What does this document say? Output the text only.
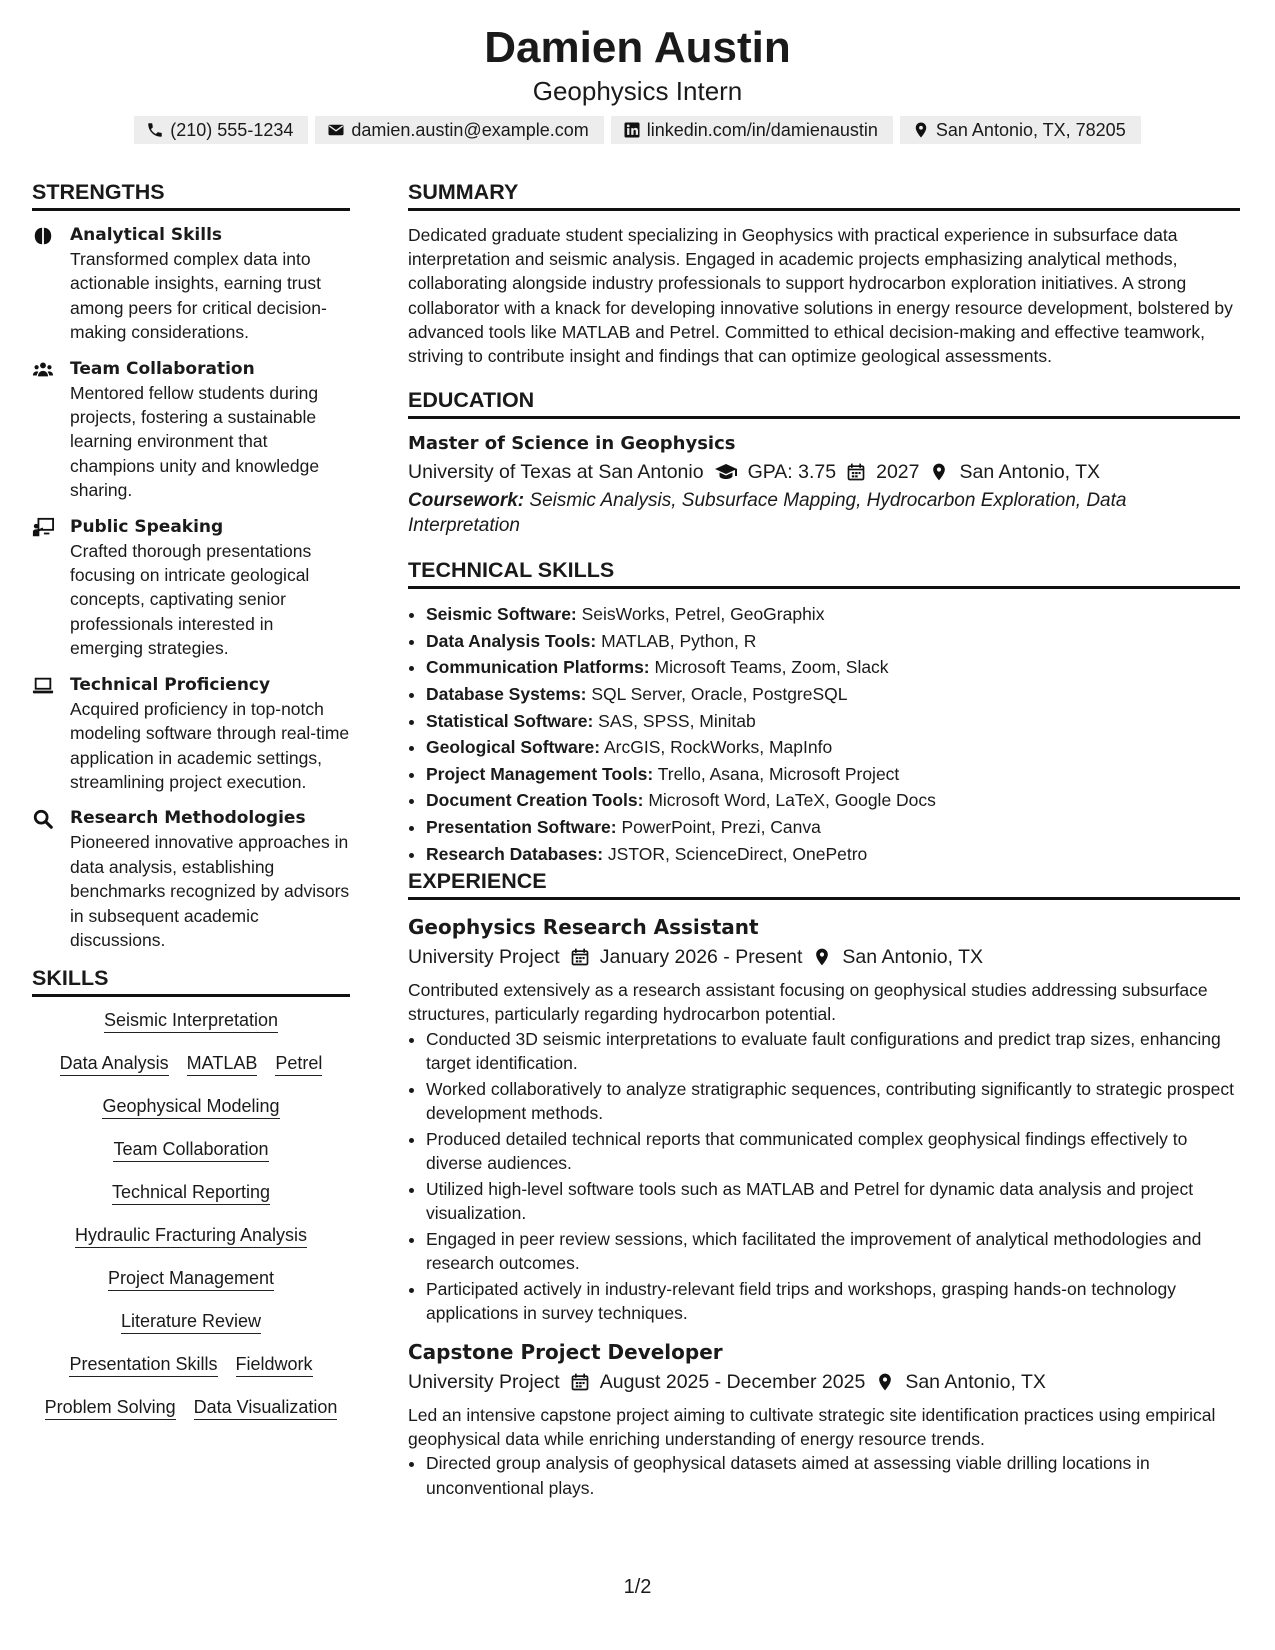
Damien Austin
Geophysics Intern
(210) 555-1234	damien.austin@example.com	linkedin.com/in/damienaustin	San Antonio, TX, 78205
STRENGTHS
Analytical Skills
Transformed complex data into actionable insights, earning trust among peers for critical decision-making considerations.
Team Collaboration
Mentored fellow students during projects, fostering a sustainable learning environment that champions unity and knowledge sharing.
Public Speaking
Crafted thorough presentations focusing on intricate geological concepts, captivating senior professionals interested in emerging strategies.
Technical Proficiency
Acquired proficiency in top-notch modeling software through real-time application in academic settings, streamlining project execution.
Research Methodologies
Pioneered innovative approaches in data analysis, establishing benchmarks recognized by advisors in subsequent academic discussions.
SKILLS
Seismic Interpretation
Data Analysis MATLAB Petrel
Geophysical Modeling
Team Collaboration
Technical Reporting
Hydraulic Fracturing Analysis
Project Management
Literature Review
Presentation Skills Fieldwork
Problem Solving Data Visualization
SUMMARY

Dedicated graduate student specializing in Geophysics with practical experience in subsurface data interpretation and seismic analysis. Engaged in academic projects emphasizing analytical methods, collaborating alongside industry professionals to support hydrocarbon exploration initiatives. A strong collaborator with a knack for developing innovative solutions in energy resource development, bolstered by advanced tools like MATLAB and Petrel. Committed to ethical decision-making and effective teamwork, striving to contribute insight and findings that can optimize geological assessments.

EDUCATION
Master of Science in Geophysics
University of Texas at San Antonio GPA: 3.75 2027 San Antonio, TX
Coursework: Seismic Analysis, Subsurface Mapping, Hydrocarbon Exploration, Data Interpretation
TECHNICAL SKILLS
• Seismic Software: SeisWorks, Petrel, GeoGraphix
• Data Analysis Tools: MATLAB, Python, R
• Communication Platforms: Microsoft Teams, Zoom, Slack
• Database Systems: SQL Server, Oracle, PostgreSQL
• Statistical Software: SAS, SPSS, Minitab
• Geological Software: ArcGIS, RockWorks, MapInfo
• Project Management Tools: Trello, Asana, Microsoft Project
• Document Creation Tools: Microsoft Word, LaTeX, Google Docs
• Presentation Software: PowerPoint, Prezi, Canva
• Research Databases: JSTOR, ScienceDirect, OnePetro
EXPERIENCE
Geophysics Research Assistant
University Project January 2026 - Present San Antonio, TX

Contributed extensively as a research assistant focusing on geophysical studies addressing subsurface structures, particularly regarding hydrocarbon potential.

• Conducted 3D seismic interpretations to evaluate fault configurations and predict trap sizes, enhancing target identification.
• Worked collaboratively to analyze stratigraphic sequences, contributing significantly to strategic prospect development methods.
• Produced detailed technical reports that communicated complex geophysical findings effectively to diverse audiences.
• Utilized high-level software tools such as MATLAB and Petrel for dynamic data analysis and project visualization.
• Engaged in peer review sessions, which facilitated the improvement of analytical methodologies and research outcomes.
• Participated actively in industry-relevant field trips and workshops, grasping hands-on technology applications in survey techniques.
Capstone Project Developer
University Project August 2025 - December 2025 San Antonio, TX

Led an intensive capstone project aiming to cultivate strategic site identification practices using empirical geophysical data while enriching understanding of energy resource trends.

• Directed group analysis of geophysical datasets aimed at assessing viable drilling locations in unconventional plays.
1/2
